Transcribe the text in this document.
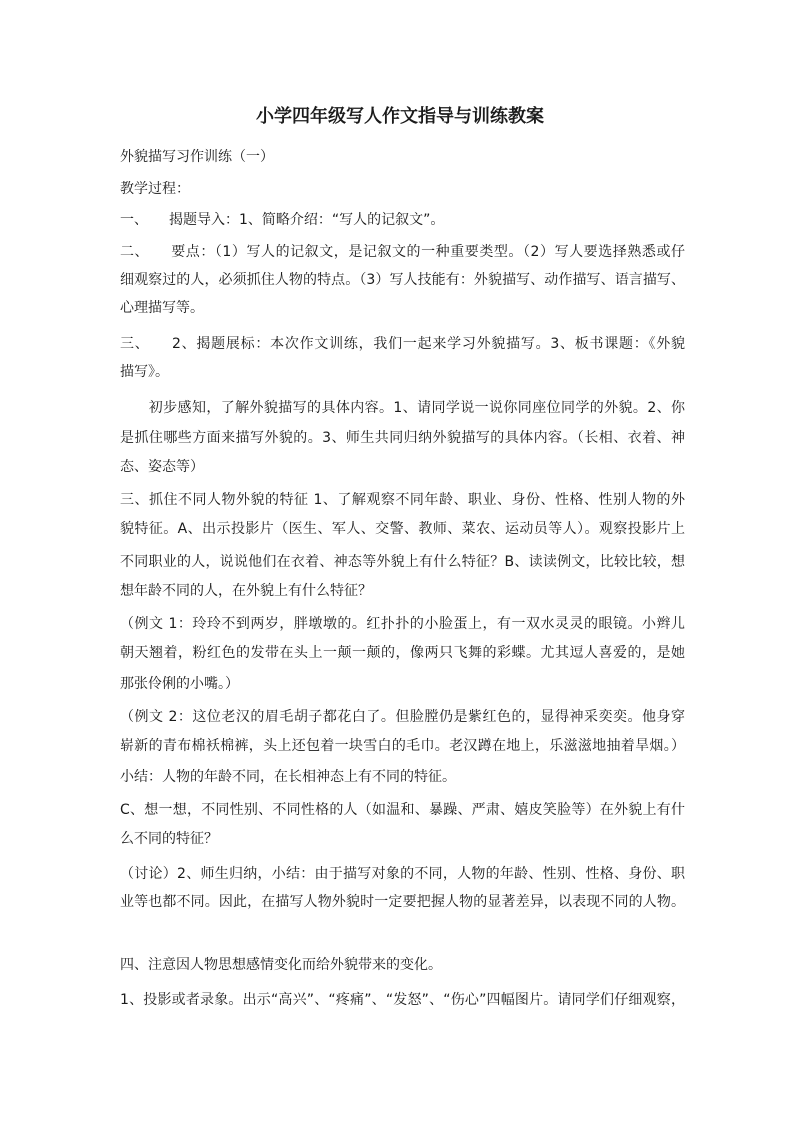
小学四年级写人作文指导与训练教案
外貌描写习作训练（一）
教学过程：
一、　　揭题导入：1、简略介绍：“写人的记叙文”。
二、　　要点：（1）写人的记叙文，是记叙文的一种重要类型。（2）写人要选择熟悉或仔
细观察过的人，必须抓住人物的特点。（3）写人技能有：外貌描写、动作描写、语言描写、
心理描写等。
三、　　2、揭题展标：本次作文训练，我们一起来学习外貌描写。3、板书课题：《外貌
描写》。
　　初步感知，了解外貌描写的具体内容。1、请同学说一说你同座位同学的外貌。2、你
是抓住哪些方面来描写外貌的。3、师生共同归纳外貌描写的具体内容。（长相、衣着、神
态、姿态等）
三、抓住不同人物外貌的特征 1、了解观察不同年龄、职业、身份、性格、性别人物的外
貌特征。A、出示投影片（医生、军人、交警、教师、菜农、运动员等人）。观察投影片上
不同职业的人，说说他们在衣着、神态等外貌上有什么特征？B、读读例文，比较比较，想
想年龄不同的人，在外貌上有什么特征？
（例文 1：玲玲不到两岁，胖墩墩的。红扑扑的小脸蛋上，有一双水灵灵的眼镜。小辫儿
朝天翘着，粉红色的发带在头上一颠一颠的，像两只飞舞的彩蝶。尤其逗人喜爱的，是她
那张伶俐的小嘴。）
（例文 2：这位老汉的眉毛胡子都花白了。但脸膛仍是紫红色的，显得神采奕奕。他身穿
崭新的青布棉袄棉裤，头上还包着一块雪白的毛巾。老汉蹲在地上，乐滋滋地抽着旱烟。）
小结：人物的年龄不同，在长相神态上有不同的特征。
C、想一想，不同性别、不同性格的人（如温和、暴躁、严肃、嬉皮笑脸等）在外貌上有什
么不同的特征？
（讨论）2、师生归纳，小结：由于描写对象的不同，人物的年龄、性别、性格、身份、职
业等也都不同。因此，在描写人物外貌时一定要把握人物的显著差异，以表现不同的人物。
四、注意因人物思想感情变化而给外貌带来的变化。
1、投影或者录象。出示“高兴”、“疼痛”、“发怒”、“伤心”四幅图片。请同学们仔细观察，
